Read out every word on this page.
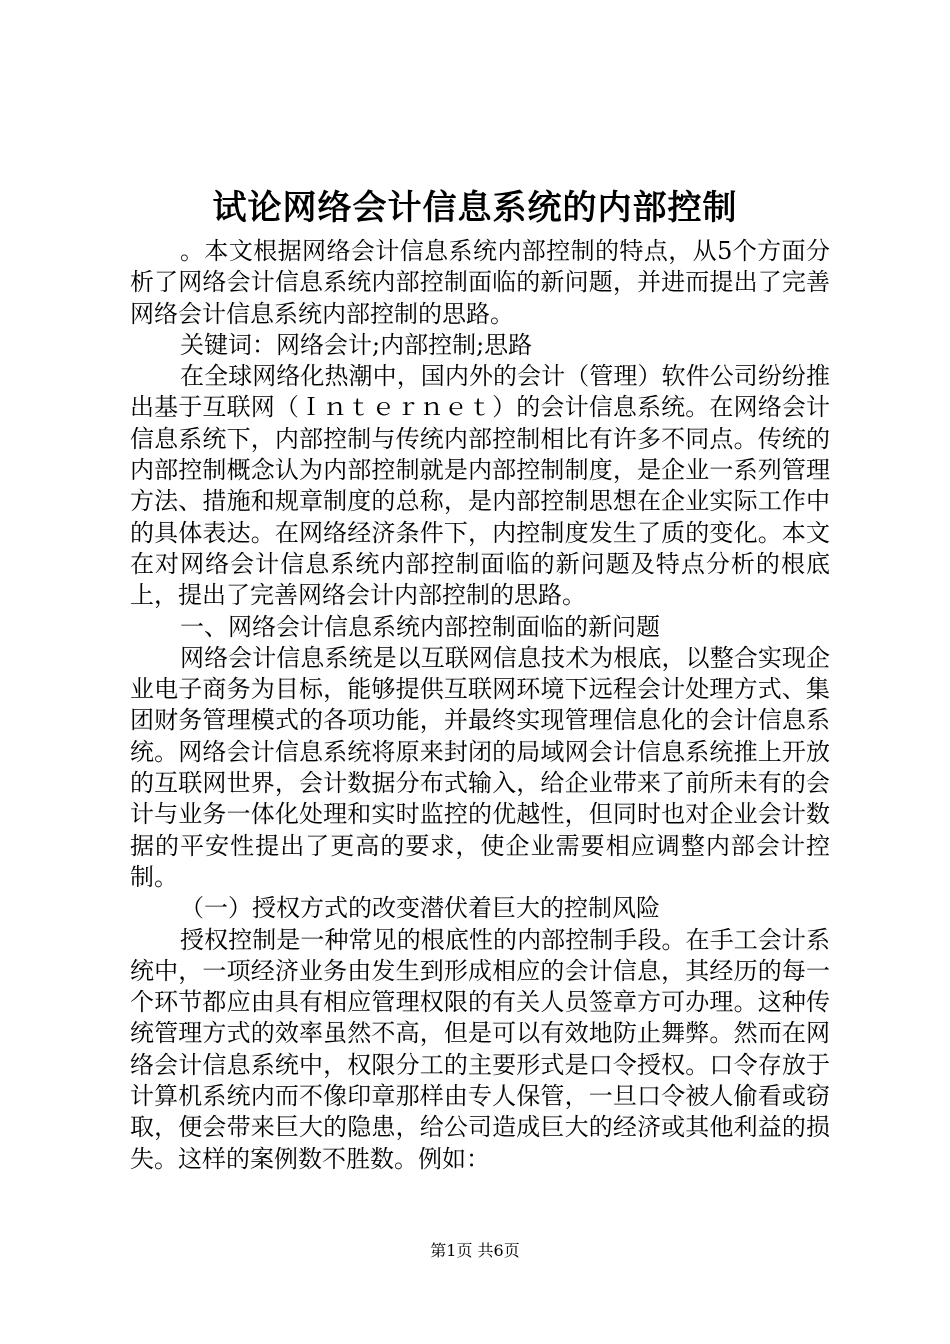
试论网络会计信息系统的内部控制

。本文根据网络会计信息系统内部控制的特点，从5个方面分析了网络会计信息系统内部控制面临的新问题，并进而提出了完善网络会计信息系统内部控制的思路。

关键词：网络会计;内部控制;思路

在全球网络化热潮中，国内外的会计（管理）软件公司纷纷推出基于互联网（Ｉｎｔｅｒｎｅｔ）的会计信息系统。在网络会计信息系统下，内部控制与传统内部控制相比有许多不同点。传统的内部控制概念认为内部控制就是内部控制制度，是企业一系列管理方法、措施和规章制度的总称，是内部控制思想在企业实际工作中的具体表达。在网络经济条件下，内控制度发生了质的变化。本文在对网络会计信息系统内部控制面临的新问题及特点分析的根底上，提出了完善网络会计内部控制的思路。

一、网络会计信息系统内部控制面临的新问题

网络会计信息系统是以互联网信息技术为根底，以整合实现企业电子商务为目标，能够提供互联网环境下远程会计处理方式、集团财务管理模式的各项功能，并最终实现管理信息化的会计信息系统。网络会计信息系统将原来封闭的局域网会计信息系统推上开放的互联网世界，会计数据分布式输入，给企业带来了前所未有的会计与业务一体化处理和实时监控的优越性，但同时也对企业会计数据的平安性提出了更高的要求，使企业需要相应调整内部会计控制。

（一）授权方式的改变潜伏着巨大的控制风险

授权控制是一种常见的根底性的内部控制手段。在手工会计系统中，一项经济业务由发生到形成相应的会计信息，其经历的每一个环节都应由具有相应管理权限的有关人员签章方可办理。这种传统管理方式的效率虽然不高，但是可以有效地防止舞弊。然而在网络会计信息系统中，权限分工的主要形式是口令授权。口令存放于计算机系统内而不像印章那样由专人保管，一旦口令被人偷看或窃取，便会带来巨大的隐患，给公司造成巨大的经济或其他利益的损失。这样的案例数不胜数。例如：

第1页 共6页
